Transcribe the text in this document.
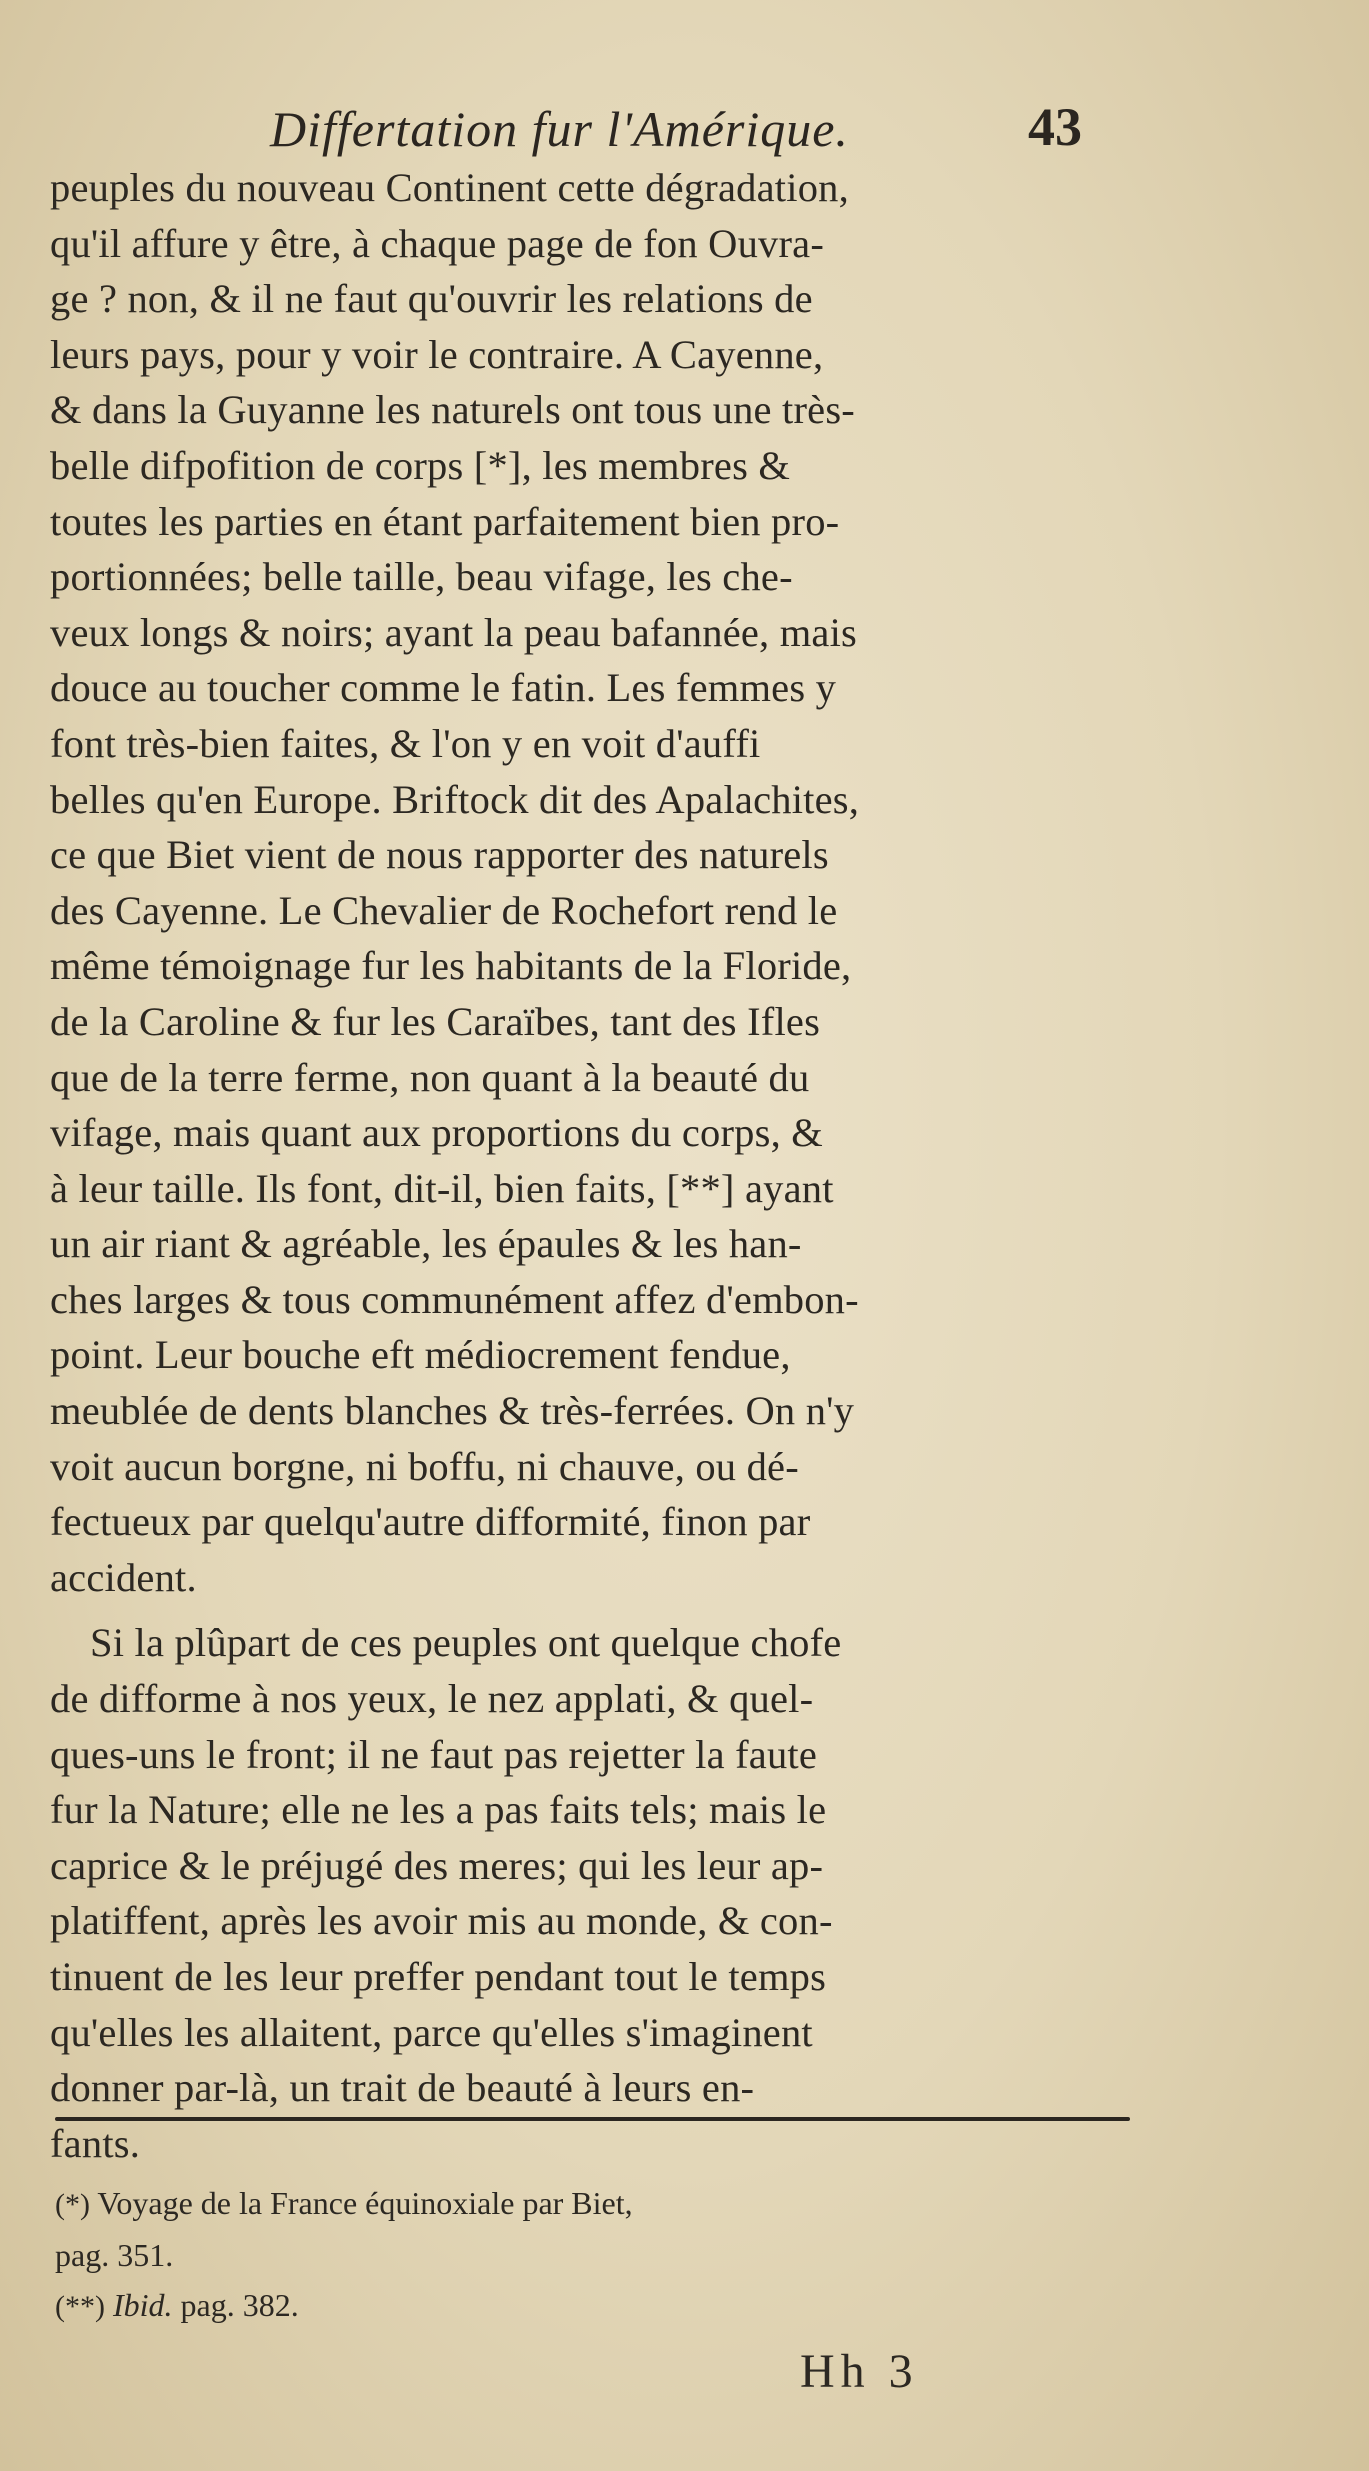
Differtation fur l'Amérique.	43
peuples du nouveau Continent cette dégradation,
qu'il affure y être, à chaque page de fon Ouvra-
ge ? non, & il ne faut qu'ouvrir les relations de
leurs pays, pour y voir le contraire. A Cayenne,
& dans la Guyanne les naturels ont tous une très-
belle difpofition de corps [*], les membres &
toutes les parties en étant parfaitement bien pro-
portionnées; belle taille, beau vifage, les che-
veux longs & noirs; ayant la peau bafannée, mais
douce au toucher comme le fatin. Les femmes y
font très-bien faites, & l'on y en voit d'auffi
belles qu'en Europe. Briftock dit des Apalachites,
ce que Biet vient de nous rapporter des naturels
des Cayenne. Le Chevalier de Rochefort rend le
même témoignage fur les habitants de la Floride,
de la Caroline & fur les Caraïbes, tant des Ifles
que de la terre ferme, non quant à la beauté du
vifage, mais quant aux proportions du corps, &
à leur taille. Ils font, dit-il, bien faits, [**] ayant
un air riant & agréable, les épaules & les han-
ches larges & tous communément affez d'embon-
point. Leur bouche eft médiocrement fendue,
meublée de dents blanches & très-ferrées. On n'y
voit aucun borgne, ni boffu, ni chauve, ou dé-
fectueux par quelqu'autre difformité, finon par
accident.
Si la plûpart de ces peuples ont quelque chofe
de difforme à nos yeux, le nez applati, & quel-
ques-uns le front; il ne faut pas rejetter la faute
fur la Nature; elle ne les a pas faits tels; mais le
caprice & le préjugé des meres; qui les leur ap-
platiffent, après les avoir mis au monde, & con-
tinuent de les leur preffer pendant tout le temps
qu'elles les allaitent, parce qu'elles s'imaginent
donner par-là, un trait de beauté à leurs en-
fants.
(*) Voyage de la France équinoxiale par Biet,
pag. 351.
(**) Ibid. pag. 382.
Hh 3
